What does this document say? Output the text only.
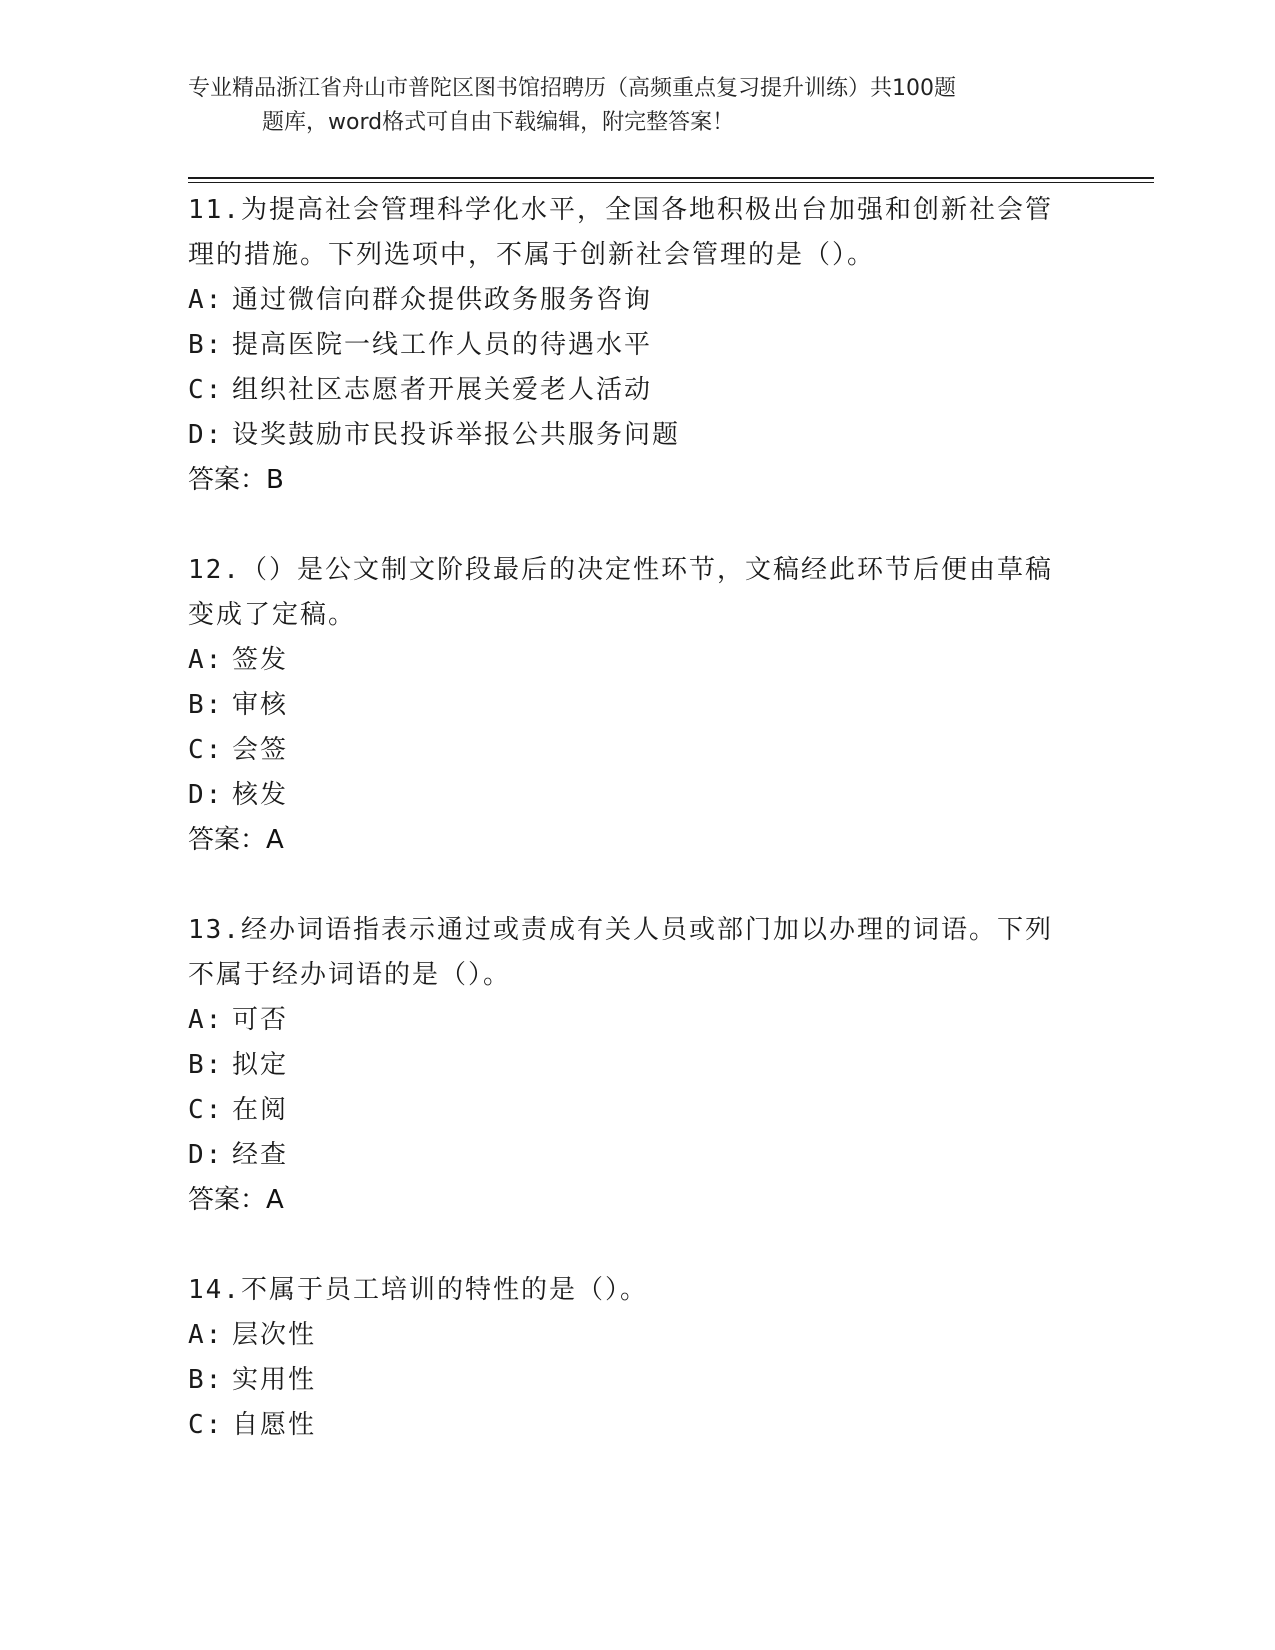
专业精品浙江省舟山市普陀区图书馆招聘历（高频重点复习提升训练）共100题
题库，word格式可自由下载编辑，附完整答案！
11.为提高社会管理科学化水平，全国各地积极出台加强和创新社会管理的措施。下列选项中，不属于创新社会管理的是（）。
A: 通过微信向群众提供政务服务咨询
B: 提高医院一线工作人员的待遇水平
C: 组织社区志愿者开展关爱老人活动
D: 设奖鼓励市民投诉举报公共服务问题
答案：B
12.（）是公文制文阶段最后的决定性环节，文稿经此环节后便由草稿变成了定稿。
A: 签发
B: 审核
C: 会签
D: 核发
答案：A
13.经办词语指表示通过或责成有关人员或部门加以办理的词语。下列不属于经办词语的是（）。
A: 可否
B: 拟定
C: 在阅
D: 经查
答案：A
14.不属于员工培训的特性的是（）。
A: 层次性
B: 实用性
C: 自愿性
